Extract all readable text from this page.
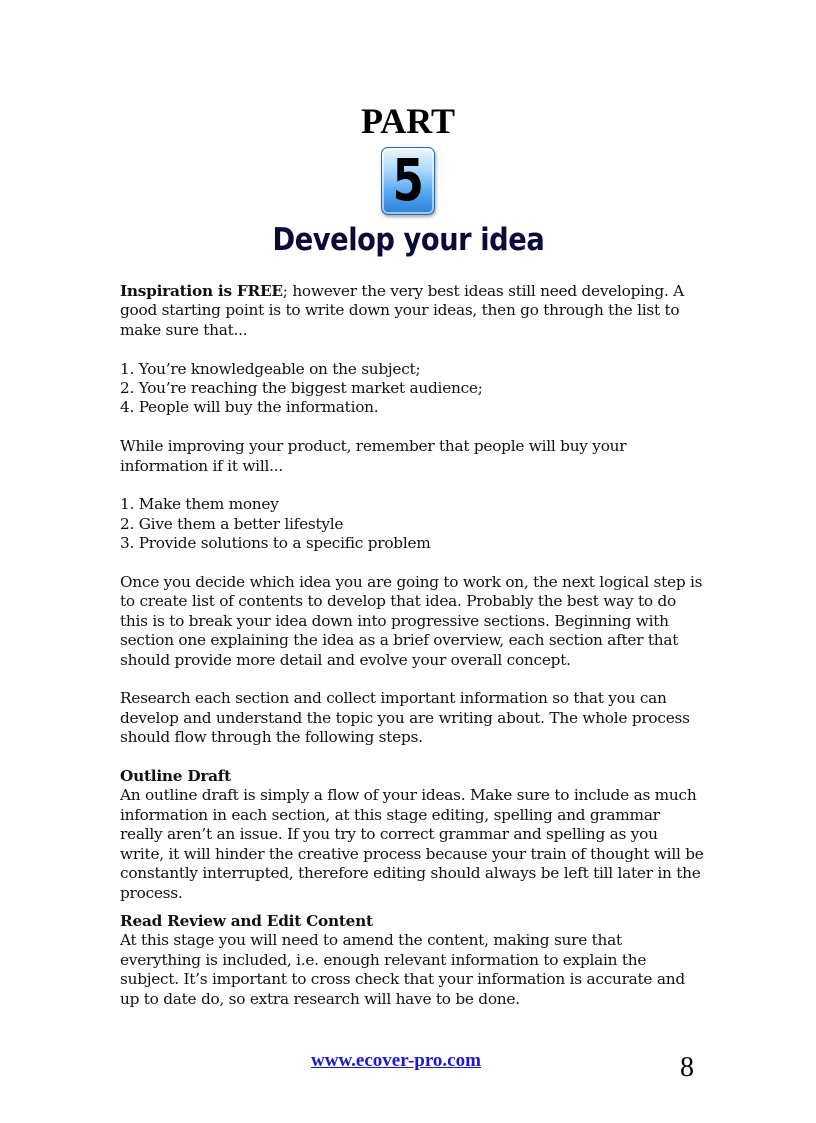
PART
5
Develop your idea

Inspiration is FREE; however the very best ideas still need developing. A good starting point is to write down your ideas, then go through the list to make sure that...

1. You’re knowledgeable on the subject;
2. You’re reaching the biggest market audience;
4. People will buy the information.

While improving your product, remember that people will buy your information if it will...

1. Make them money
2. Give them a better lifestyle
3. Provide solutions to a specific problem

Once you decide which idea you are going to work on, the next logical step is to create list of contents to develop that idea. Probably the best way to do this is to break your idea down into progressive sections. Beginning with section one explaining the idea as a brief overview, each section after that should provide more detail and evolve your overall concept.

Research each section and collect important information so that you can develop and understand the topic you are writing about. The whole process should flow through the following steps.

Outline Draft
An outline draft is simply a flow of your ideas. Make sure to include as much information in each section, at this stage editing, spelling and grammar really aren’t an issue. If you try to correct grammar and spelling as you write, it will hinder the creative process because your train of thought will be constantly interrupted, therefore editing should always be left till later in the process.
Read Review and Edit Content
At this stage you will need to amend the content, making sure that everything is included, i.e. enough relevant information to explain the subject. It’s important to cross check that your information is accurate and up to date do, so extra research will have to be done.
www.ecover-pro.com	8
